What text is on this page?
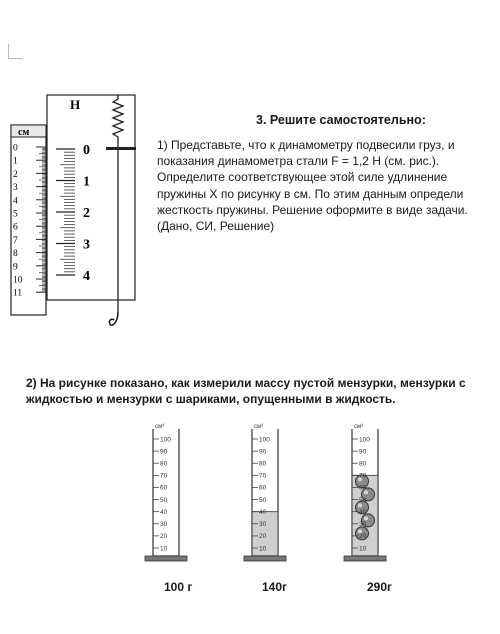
см
0
1
2
3
4
5
6
7
8
9
10
11
Н
0
1
2
3
4
3. Решите самостоятельно:
1) Представьте, что к динамометру подвесили груз, и
показания динамометра стали F = 1,2 Н (см. рис.).
Определите соответствующее этой силе удлинение
пружины X по рисунку в см. По этим данным определи
жесткость пружины. Решение оформите в виде задачи.
(Дано, СИ, Решение)
2) На рисунке показано, как измерили массу пустой мензурки, мензурки с жидкостью и мензурки с шариками, опущенными в жидкость.
см³
100
90
80
70
60
50
40
30
20
10
см³
100
90
80
70
60
50
40
30
20
10
см³
100
90
80
70
60
50
40
30
20
10
100 г	140г	290г
